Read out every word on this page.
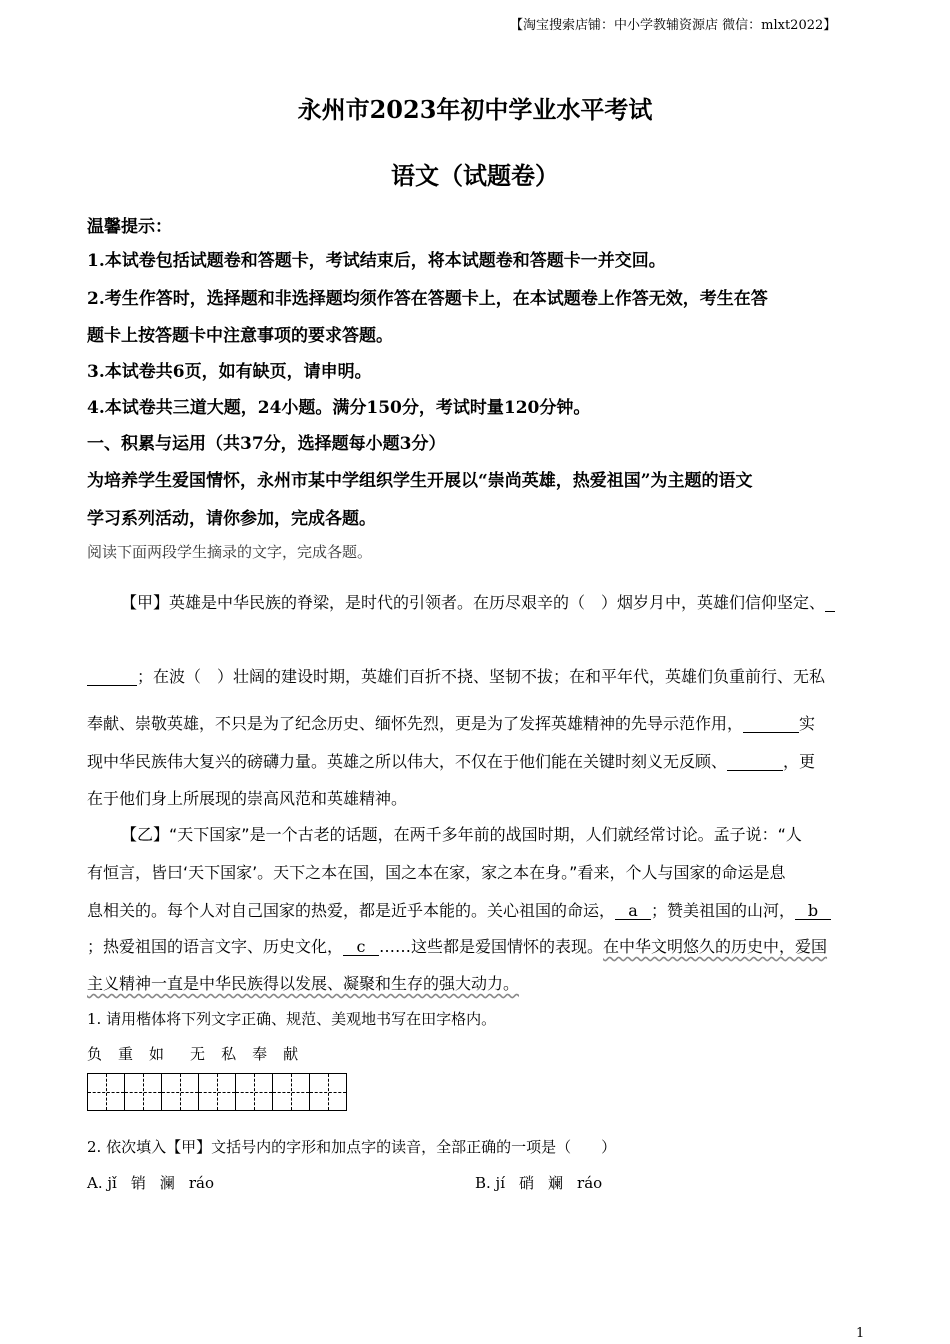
【淘宝搜索店铺：中小学教辅资源店 微信：mlxt2022】
永州市2023年初中学业水平考试
语文（试题卷）
温馨提示：
1.本试卷包括试题卷和答题卡，考试结束后，将本试题卷和答题卡一并交回。
2.考生作答时，选择题和非选择题均须作答在答题卡上，在本试题卷上作答无效，考生在答
题卡上按答题卡中注意事项的要求答题。
3.本试卷共6页，如有缺页，请申明。
4.本试卷共三道大题，24小题。满分150分，考试时量120分钟。
一、积累与运用（共37分，选择题每小题3分）
为培养学生爱国情怀，永州市某中学组织学生开展以“崇尚英雄，热爱祖国”为主题的语文
学习系列活动，请你参加，完成各题。
阅读下面两段学生摘录的文字，完成各题。
【甲】英雄是中华民族的脊梁，是时代的引领者。在历尽艰辛的（　）烟岁月中，英雄们信仰坚定、
；在波（　）壮阔的建设时期，英雄们百折不挠、坚韧不拔；在和平年代，英雄们负重前行、无私
奉献、崇敬英雄，不只是为了纪念历史、缅怀先烈，更是为了发挥英雄精神的先导示范作用，	实
现中华民族伟大复兴的磅礴力量。英雄之所以伟大，不仅在于他们能在关键时刻义无反顾、	，更
在于他们身上所展现的崇高风范和英雄精神。
【乙】“天下国家”是一个古老的话题，在两千多年前的战国时期，人们就经常讨论。孟子说：“人
有恒言，皆曰‘天下国家’。天下之本在国，国之本在家，家之本在身。”看来，个人与国家的命运是息
息相关的。每个人对自己国家的热爱，都是近乎本能的。关心祖国的命运， a ；赞美祖国的山河， b
；热爱祖国的语言文字、历史文化， c ……这些都是爱国情怀的表现。在中华文明悠久的历史中，爱国
主义精神一直是中华民族得以发展、凝聚和生存的强大动力。
1. 请用楷体将下列文字正确、规范、美观地书写在田字格内。
负 重 如 无 私 奉 献
2. 依次填入【甲】文括号内的字形和加点字的读音，全部正确的一项是（　　）
A. jǐ 销 澜 ráo	B. jí 硝 斓 ráo
1
